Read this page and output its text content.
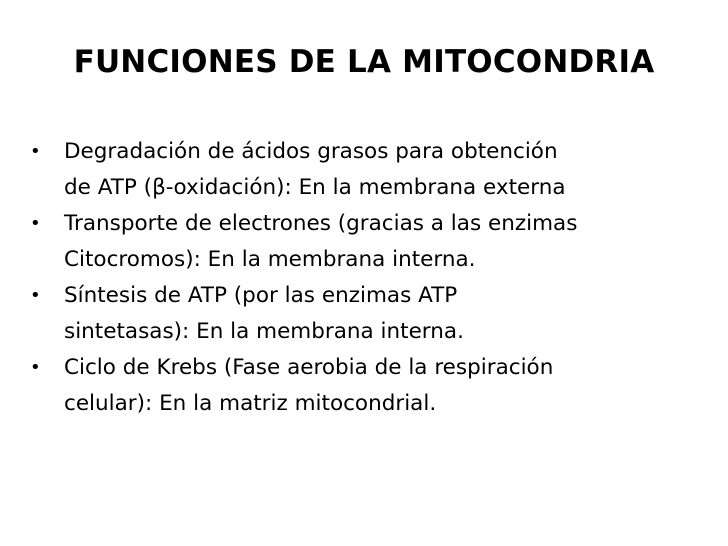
FUNCIONES DE LA MITOCONDRIA
•	Degradación de ácidos grasos para obtención
de ATP (β-oxidación): En la membrana externa
•	Transporte de electrones (gracias a las enzimas
Citocromos): En la membrana interna.
•	Síntesis de ATP (por las enzimas ATP
sintetasas): En la membrana interna.
•	Ciclo de Krebs (Fase aerobia de la respiración
celular): En la matriz mitocondrial.
